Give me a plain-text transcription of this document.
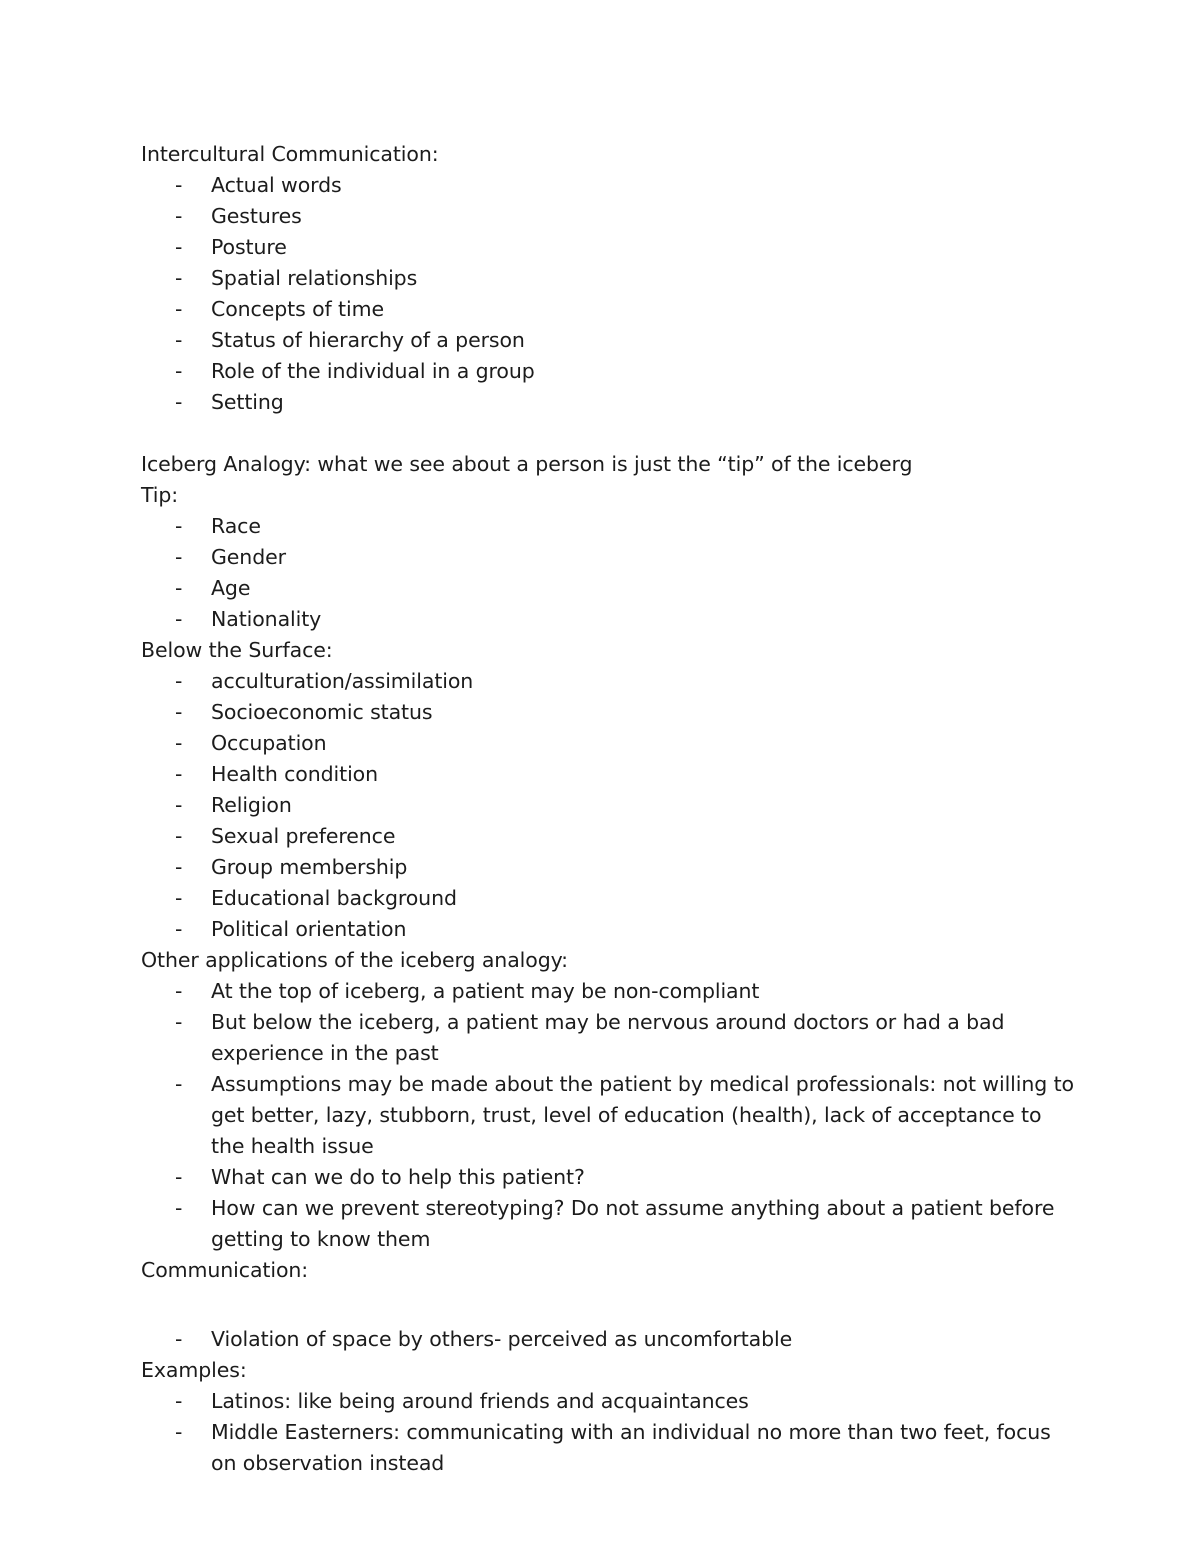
Intercultural Communication:

- Actual words
- Gestures
- Posture
- Spatial relationships
- Concepts of time
- Status of hierarchy of a person
- Role of the individual in a group
- Setting

Iceberg Analogy: what we see about a person is just the “tip” of the iceberg

Tip:

- Race
- Gender
- Age
- Nationality

Below the Surface:

- acculturation/assimilation
- Socioeconomic status
- Occupation
- Health condition
- Religion
- Sexual preference
- Group membership
- Educational background
- Political orientation

Other applications of the iceberg analogy:

- At the top of iceberg, a patient may be non-compliant
- But below the iceberg, a patient may be nervous around doctors or had a bad experience in the past
- Assumptions may be made about the patient by medical professionals: not willing to get better, lazy, stubborn, trust, level of education (health), lack of acceptance to the health issue
- What can we do to help this patient?
- How can we prevent stereotyping? Do not assume anything about a patient before getting to know them

Communication:

- Violation of space by others- perceived as uncomfortable

Examples:

- Latinos: like being around friends and acquaintances
- Middle Easterners: communicating with an individual no more than two feet, focus on observation instead
